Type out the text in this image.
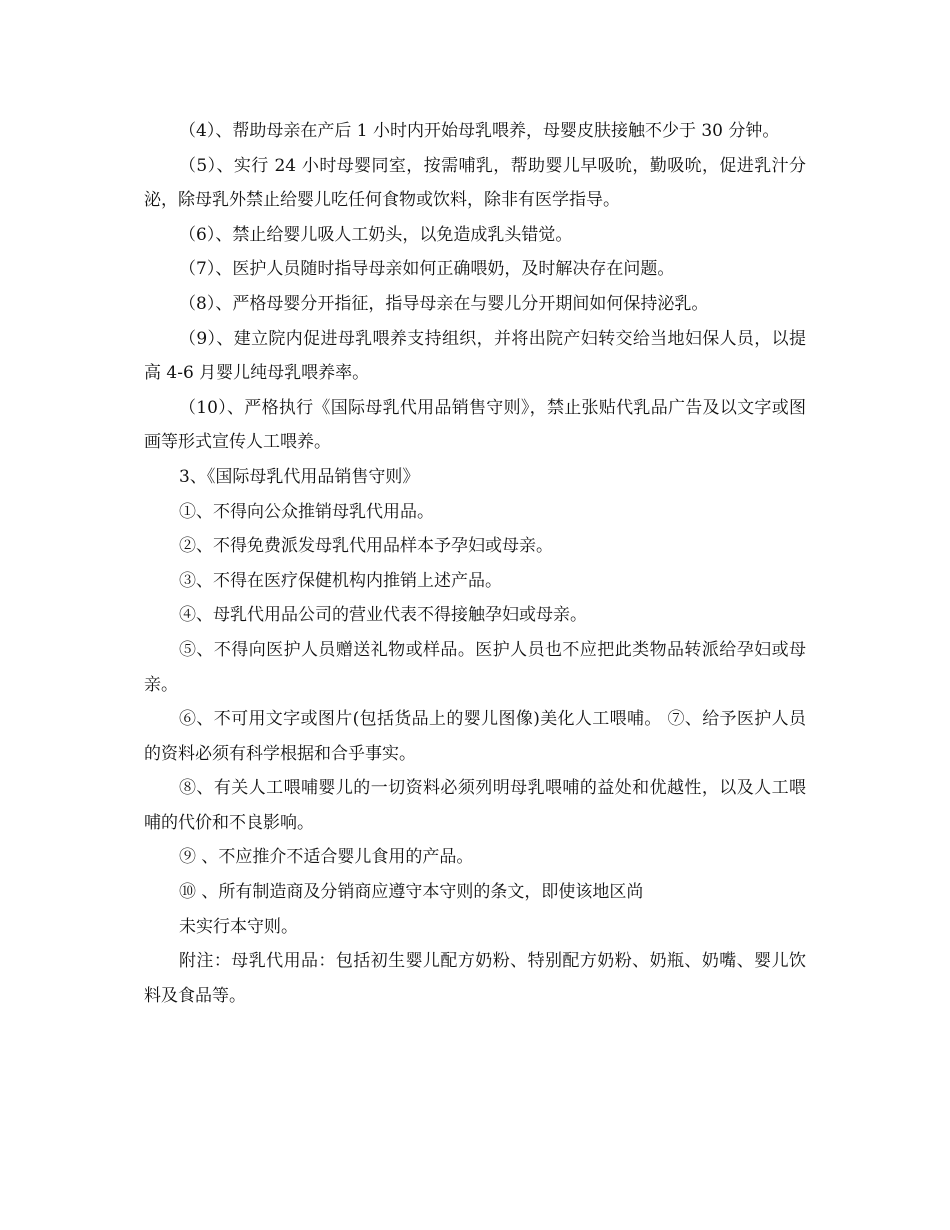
（4）、帮助母亲在产后 1 小时内开始母乳喂养，母婴皮肤接触不少于 30 分钟。

（5）、实行 24 小时母婴同室，按需哺乳，帮助婴儿早吸吮，勤吸吮，促进乳汁分泌，除母乳外禁止给婴儿吃任何食物或饮料，除非有医学指导。

（6）、禁止给婴儿吸人工奶头，以免造成乳头错觉。

（7）、医护人员随时指导母亲如何正确喂奶，及时解决存在问题。

（8）、严格母婴分开指征，指导母亲在与婴儿分开期间如何保持泌乳。

（9）、建立院内促进母乳喂养支持组织，并将出院产妇转交给当地妇保人员，以提高 4-6 月婴儿纯母乳喂养率。

（10）、严格执行《国际母乳代用品销售守则》，禁止张贴代乳品广告及以文字或图画等形式宣传人工喂养。

3、《国际母乳代用品销售守则》

①、不得向公众推销母乳代用品。

②、不得免费派发母乳代用品样本予孕妇或母亲。

③、不得在医疗保健机构内推销上述产品。

④、母乳代用品公司的营业代表不得接触孕妇或母亲。

⑤、不得向医护人员赠送礼物或样品。医护人员也不应把此类物品转派给孕妇或母亲。

⑥、不可用文字或图片(包括货品上的婴儿图像)美化人工喂哺。 ⑦、给予医护人员的资料必须有科学根据和合乎事实。

⑧、有关人工喂哺婴儿的一切资料必须列明母乳喂哺的益处和优越性，以及人工喂哺的代价和不良影响。

⑨ 、不应推介不适合婴儿食用的产品。

⑩ 、所有制造商及分销商应遵守本守则的条文，即使该地区尚

未实行本守则。

附注：母乳代用品：包括初生婴儿配方奶粉、特别配方奶粉、奶瓶、奶嘴、婴儿饮料及食品等。
